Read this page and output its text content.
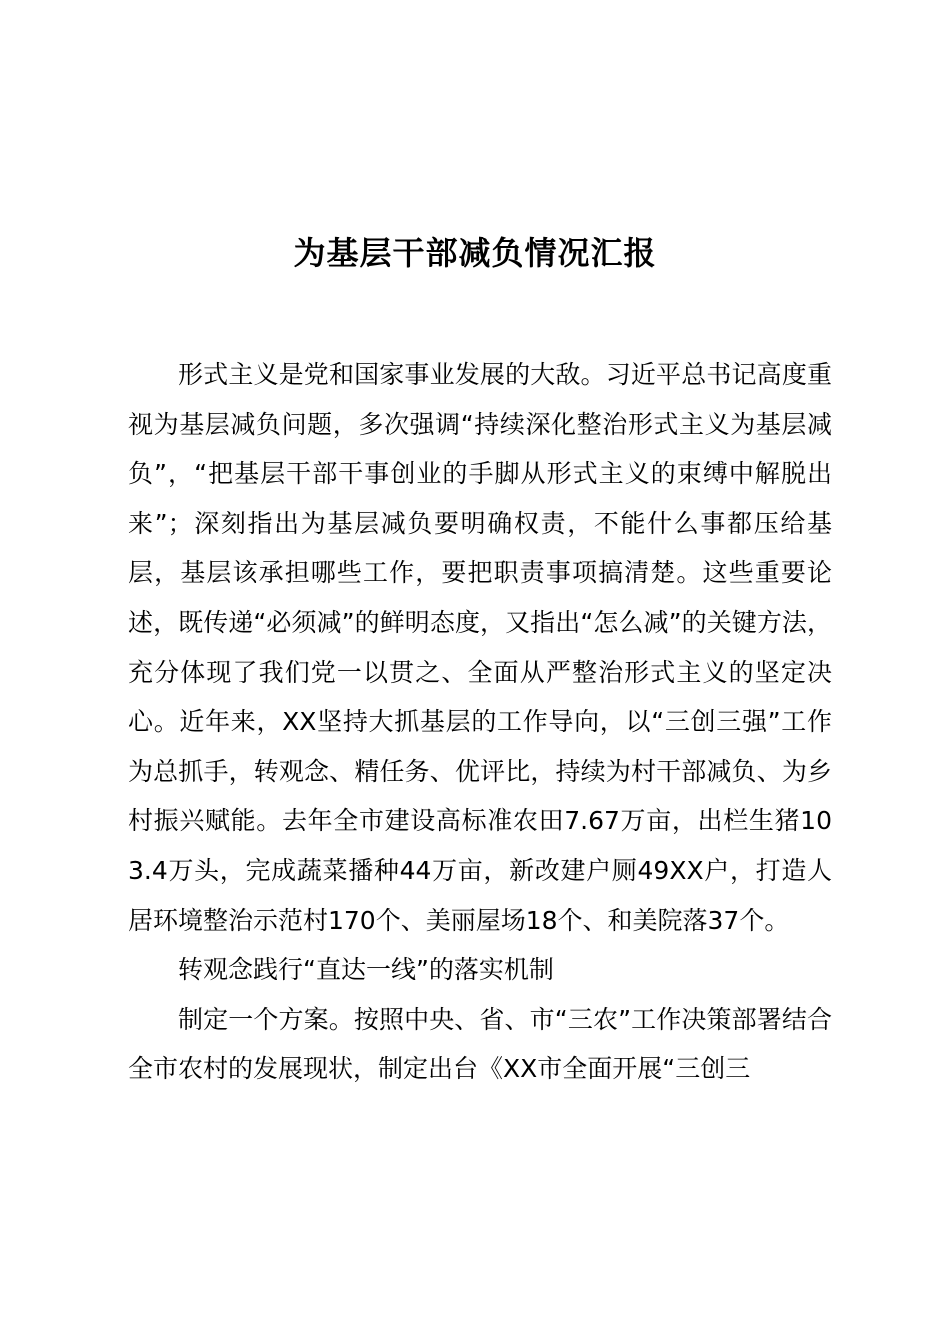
为基层干部减负情况汇报

形式主义是党和国家事业发展的大敌。习近平总书记高度重视为基层减负问题，多次强调“持续深化整治形式主义为基层减负”，“把基层干部干事创业的手脚从形式主义的束缚中解脱出来”；深刻指出为基层减负要明确权责，不能什么事都压给基层，基层该承担哪些工作，要把职责事项搞清楚。这些重要论述，既传递“必须减”的鲜明态度，又指出“怎么减”的关键方法，充分体现了我们党一以贯之、全面从严整治形式主义的坚定决心。近年来，XX坚持大抓基层的工作导向，以“三创三强”工作为总抓手，转观念、精任务、优评比，持续为村干部减负、为乡村振兴赋能。去年全市建设高标准农田7.67万亩，出栏生猪103.4万头，完成蔬菜播种44万亩，新改建户厕49XX户，打造人居环境整治示范村170个、美丽屋场18个、和美院落37个。

转观念践行“直达一线”的落实机制

制定一个方案。按照中央、省、市“三农”工作决策部署结合全市农村的发展现状，制定出台《XX市全面开展“三创三
